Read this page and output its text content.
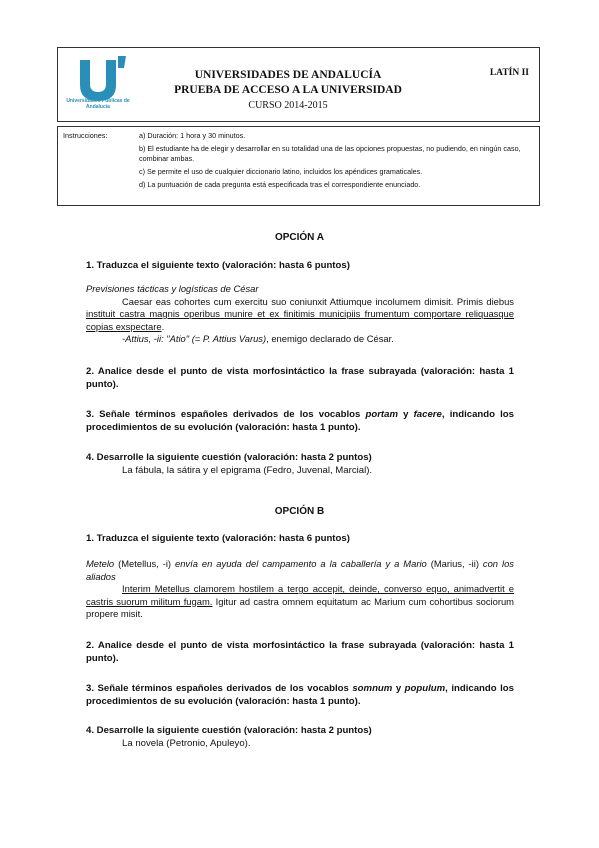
Universidades Públicas de Andalucía
UNIVERSIDADES DE ANDALUCÍA
PRUEBA DE ACCESO A LA UNIVERSIDAD
CURSO 2014-2015
LATÍN II
Instrucciones:	a) Duración: 1 hora y 30 minutos.
b) El estudiante ha de elegir y desarrollar en su totalidad una de las opciones propuestas, no pudiendo, en ningún caso, combinar ambas.
c) Se permite el uso de cualquier diccionario latino, incluidos los apéndices gramaticales.
d) La puntuación de cada pregunta está especificada tras el correspondiente enunciado.
OPCIÓN A
1. Traduzca el siguiente texto (valoración: hasta 6 puntos)
Previsiones tácticas y logísticas de César
Caesar eas cohortes cum exercitu suo coniunxit Attiumque incolumem dimisit. Primis diebus instituit castra magnis operibus munire et ex finitimis municipiis frumentum comportare reliquasque copias exspectare.
-Attius, -ii: "Atio" (= P. Attius Varus), enemigo declarado de César.
2. Analice desde el punto de vista morfosintáctico la frase subrayada (valoración: hasta 1 punto).
3. Señale términos españoles derivados de los vocablos portam y facere, indicando los procedimientos de su evolución (valoración: hasta 1 punto).
4. Desarrolle la siguiente cuestión (valoración: hasta 2 puntos)
La fábula, la sátira y el epigrama (Fedro, Juvenal, Marcial).
OPCIÓN B
1. Traduzca el siguiente texto (valoración: hasta 6 puntos)
Metelo (Metellus, -i) envía en ayuda del campamento a la caballería y a Mario (Marius, -ii) con los aliados
Interim Metellus clamorem hostilem a tergo accepit, deinde, converso equo, animadvertit e castris suorum militum fugam. Igitur ad castra omnem equitatum ac Marium cum cohortibus sociorum propere misit.
2. Analice desde el punto de vista morfosintáctico la frase subrayada (valoración: hasta 1 punto).
3. Señale términos españoles derivados de los vocablos somnum y populum, indicando los procedimientos de su evolución (valoración: hasta 1 punto).
4. Desarrolle la siguiente cuestión (valoración: hasta 2 puntos)
La novela (Petronio, Apuleyo).
